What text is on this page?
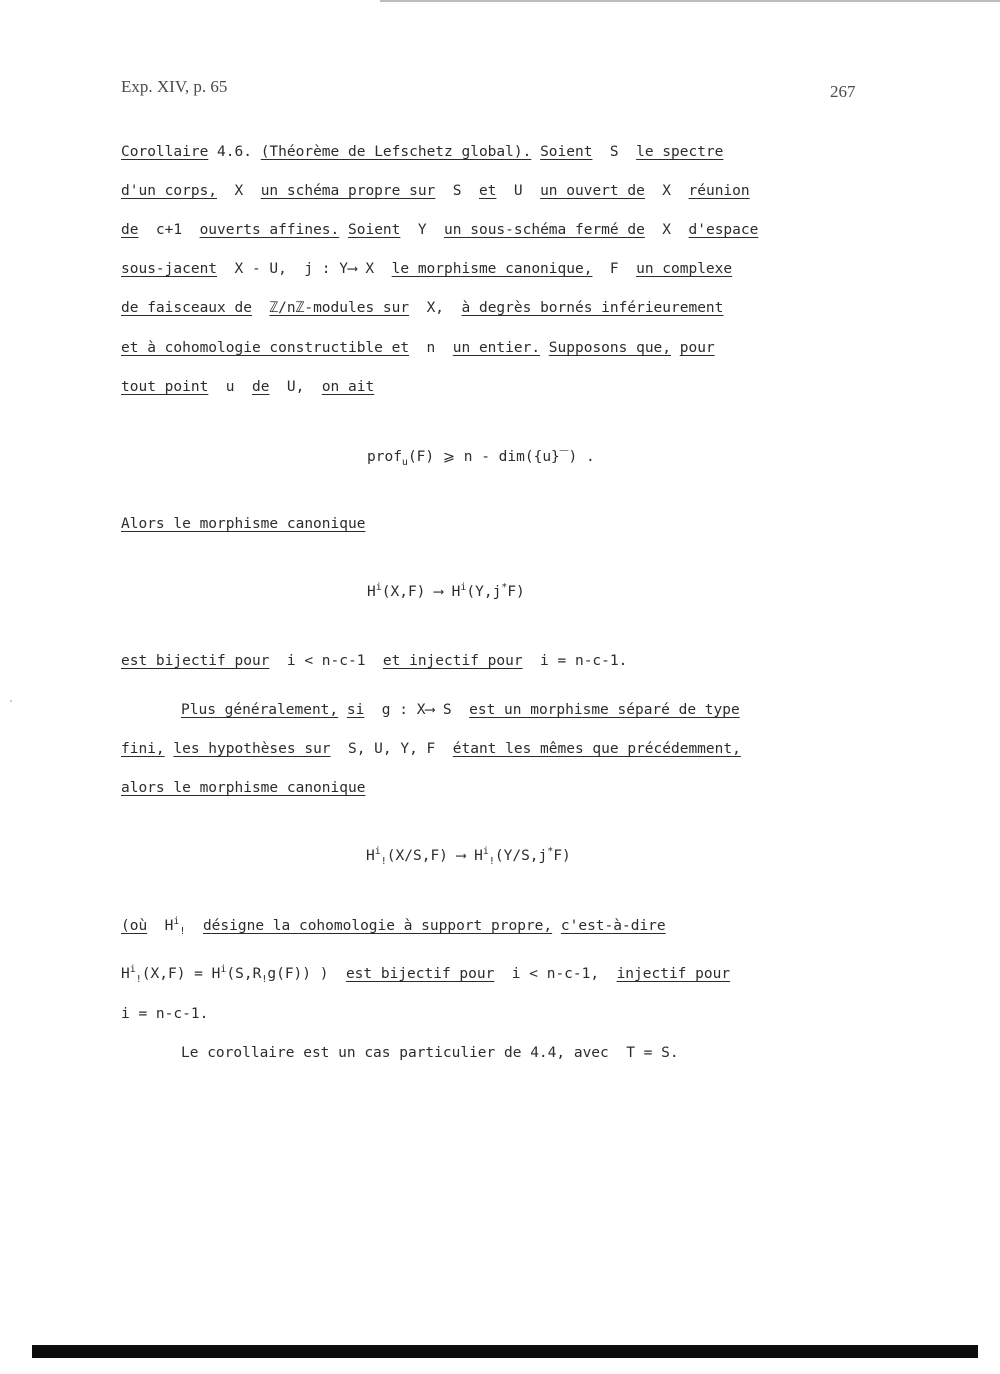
Exp. XIV, p. 65	267
Corollaire 4.6. (Théorème de Lefschetz global). Soient  S  le spectre
d'un corps,  X  un schéma propre sur  S  et  U  un ouvert de  X  réunion
de  c+1  ouverts affines. Soient  Y  un sous-schéma fermé de  X  d'espace
sous-jacent  X - U,  j : Y⟶ X  le morphisme canonique,  F  un complexe
de faisceaux de ℤ/nℤ-modules sur  X,  à degrès bornés inférieurement
et à cohomologie constructible et  n  un entier. Supposons que, pour
tout point  u  de  U,  on ait
prof$_u$(F) ⩾ n - dim({u}‾) .
Alors le morphisme canonique
$H^i(X,F)$ ⟶ $H^i(Y,j^*F)$
est bijectif pour  i < n-c-1  et injectif pour  i = n-c-1.
Plus généralement, si  g : X⟶ S  est un morphisme séparé de type
fini, les hypothèses sur  S, U, Y, F  étant les mêmes que précédemment,
alors le morphisme canonique
$H^i_!(X/S,F)$ ⟶ $H^i_!(Y/S,j^*F)$
(où  $H^i_!$ désigne la cohomologie à support propre, c'est-à-dire
$H^i_!(X,F) = H^i(S,R_!g(F))$ )  est bijectif pour  i < n-c-1,  injectif pour
i = n-c-1.
Le corollaire est un cas particulier de 4.4, avec  T = S.
